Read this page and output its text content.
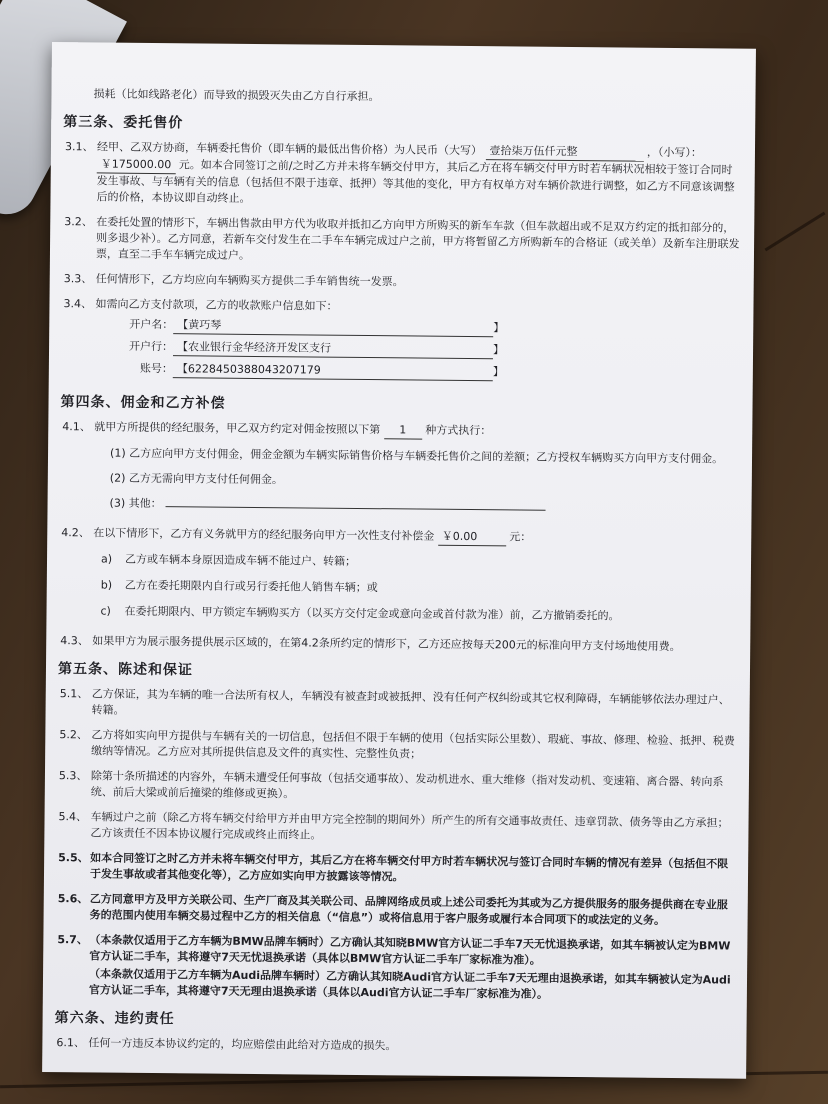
损耗（比如线路老化）而导致的损毁灭失由乙方自行承担。
第三条、委托售价
3.1、 经甲、乙双方协商，车辆委托售价（即车辆的最低出售价格）为人民币（大写） 壹拾柒万伍仟元整	，（小写）： ￥175000.00 元。如本合同签订之前/之时乙方并未将车辆交付甲方，其后乙方在将车辆交付甲方时若车辆状况相较于签订合同时发生事故、与车辆有关的信息（包括但不限于违章、抵押）等其他的变化，甲方有权单方对车辆价款进行调整，如乙方不同意该调整后的价格，本协议即自动终止。
3.2、 在委托处置的情形下，车辆出售款由甲方代为收取并抵扣乙方向甲方所购买的新车车款（但车款超出或不足双方约定的抵扣部分的，则多退少补）。乙方同意，若新车交付发生在二手车车辆完成过户之前，甲方将暂留乙方所购新车的合格证（或关单）及新车注册联发票，直至二手车车辆完成过户。
3.3、 任何情形下，乙方均应向车辆购买方提供二手车销售统一发票。
3.4、 如需向乙方支付款项，乙方的收款账户信息如下：
开户名： 【黄巧琴	】
开户行： 【农业银行金华经济开发区支行	】
账号： 【6228450388043207179	】
第四条、佣金和乙方补偿
4.1、 就甲方所提供的经纪服务，甲乙双方约定对佣金按照以下第 1 种方式执行：
(1) 乙方应向甲方支付佣金，佣金金额为车辆实际销售价格与车辆委托售价之间的差额；乙方授权车辆购买方向甲方支付佣金。
(2) 乙方无需向甲方支付任何佣金。
(3) 其他：
4.2、 在以下情形下，乙方有义务就甲方的经纪服务向甲方一次性支付补偿金 ￥0.00	元：
a) 乙方或车辆本身原因造成车辆不能过户、转籍；
b) 乙方在委托期限内自行或另行委托他人销售车辆；或
c) 在委托期限内、甲方锁定车辆购买方（以买方交付定金或意向金或首付款为准）前，乙方撤销委托的。
4.3、 如果甲方为展示服务提供展示区域的，在第4.2条所约定的情形下，乙方还应按每天200元的标准向甲方支付场地使用费。
第五条、陈述和保证
5.1、 乙方保证，其为车辆的唯一合法所有权人，车辆没有被查封或被抵押、没有任何产权纠纷或其它权利障碍，车辆能够依法办理过户、转籍。
5.2、 乙方将如实向甲方提供与车辆有关的一切信息，包括但不限于车辆的使用（包括实际公里数）、瑕疵、事故、修理、检验、抵押、税费缴纳等情况。乙方应对其所提供信息及文件的真实性、完整性负责；
5.3、 除第十条所描述的内容外，车辆未遭受任何事故（包括交通事故）、发动机进水、重大维修（指对发动机、变速箱、离合器、转向系统、前后大梁或前后撞梁的维修或更换）。
5.4、 车辆过户之前（除乙方将车辆交付给甲方并由甲方完全控制的期间外）所产生的所有交通事故责任、违章罚款、债务等由乙方承担；乙方该责任不因本协议履行完成或终止而终止。
5.5、 如本合同签订之时乙方并未将车辆交付甲方，其后乙方在将车辆交付甲方时若车辆状况与签订合同时车辆的情况有差异（包括但不限于发生事故或者其他变化等），乙方应如实向甲方披露该等情况。
5.6、 乙方同意甲方及甲方关联公司、生产厂商及其关联公司、品牌网络成员或上述公司委托为其或为乙方提供服务的服务提供商在专业服务的范围内使用车辆交易过程中乙方的相关信息（“信息”）或将信息用于客户服务或履行本合同项下的或法定的义务。
5.7、 （本条款仅适用于乙方车辆为BMW品牌车辆时）乙方确认其知晓BMW官方认证二手车7天无忧退换承诺，如其车辆被认定为BMW官方认证二手车，其将遵守7天无忧退换承诺（具体以BMW官方认证二手车厂家标准为准）。
（本条款仅适用于乙方车辆为Audi品牌车辆时）乙方确认其知晓Audi官方认证二手车7天无理由退换承诺，如其车辆被认定为Audi官方认证二手车，其将遵守7天无理由退换承诺（具体以Audi官方认证二手车厂家标准为准）。
第六条、违约责任
6.1、 任何一方违反本协议约定的，均应赔偿由此给对方造成的损失。
